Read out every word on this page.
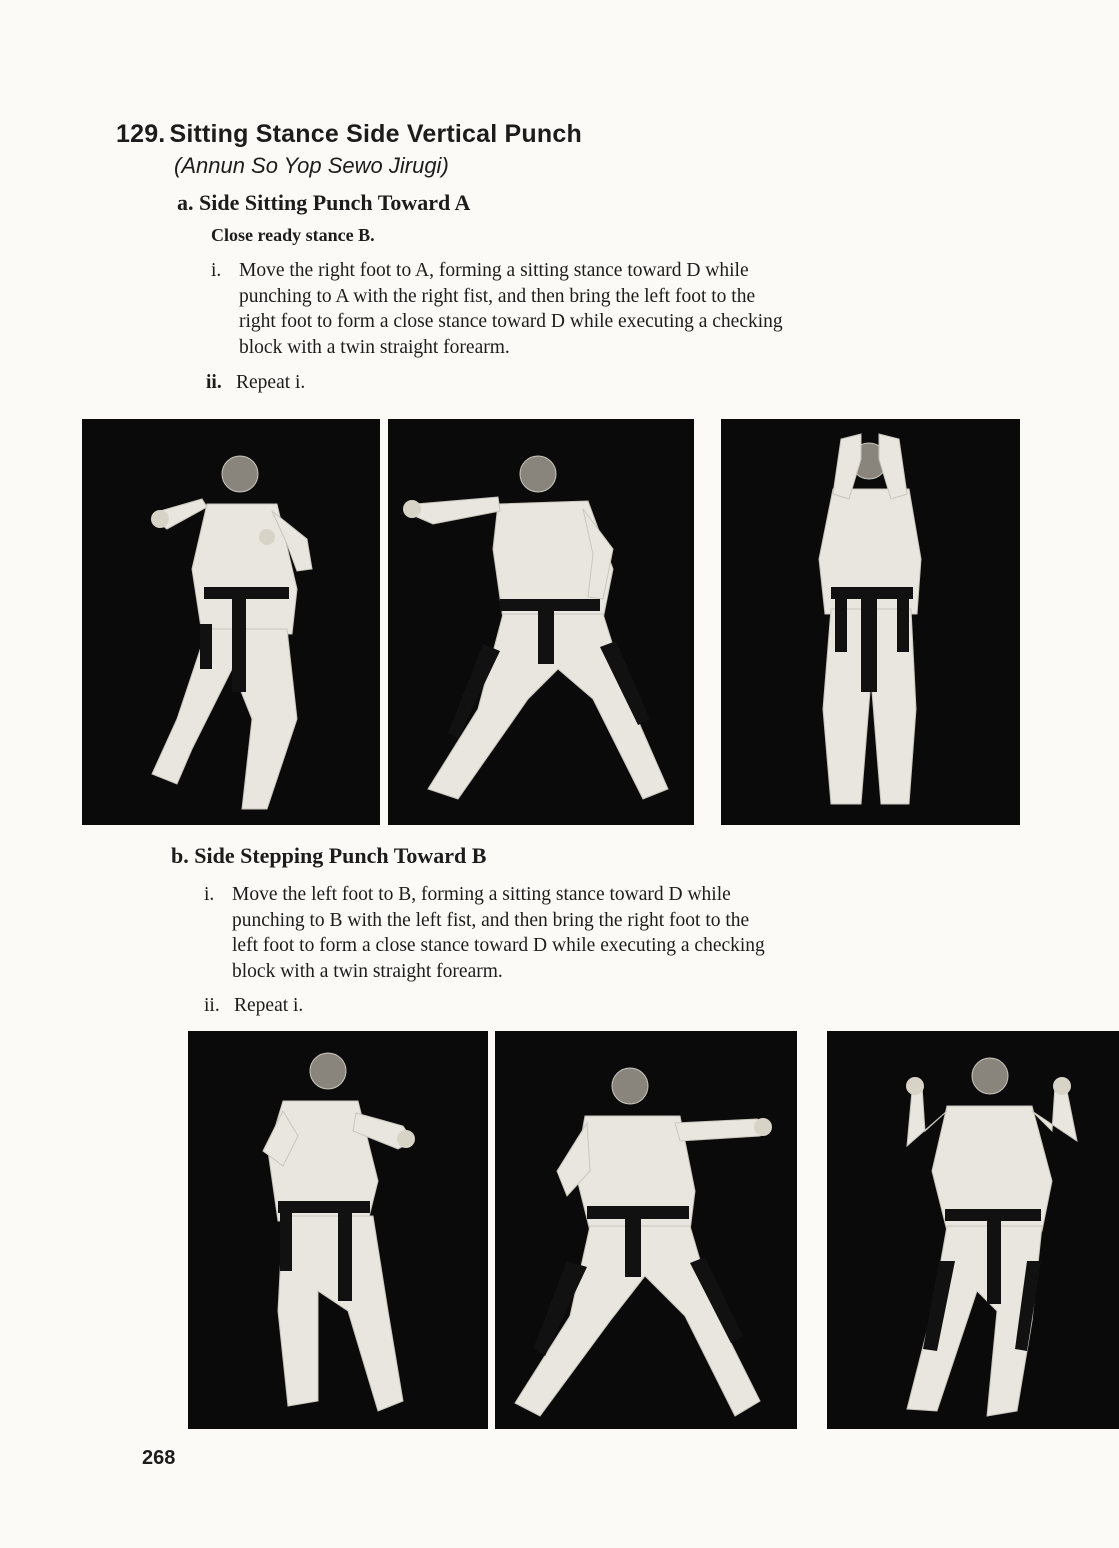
129. Sitting Stance Side Vertical Punch
(Annun So Yop Sewo Jirugi)
a. Side Sitting Punch Toward A
Close ready stance B.
i. Move the right foot to A, forming a sitting stance toward D while
punching to A with the right fist, and then bring the left foot to the
right foot to form a close stance toward D while executing a checking
block with a twin straight forearm.
ii. Repeat i.
b. Side Stepping Punch Toward B
i. Move the left foot to B, forming a sitting stance toward D while
punching to B with the left fist, and then bring the right foot to the
left foot to form a close stance toward D while executing a checking
block with a twin straight forearm.
ii. Repeat i.
268
